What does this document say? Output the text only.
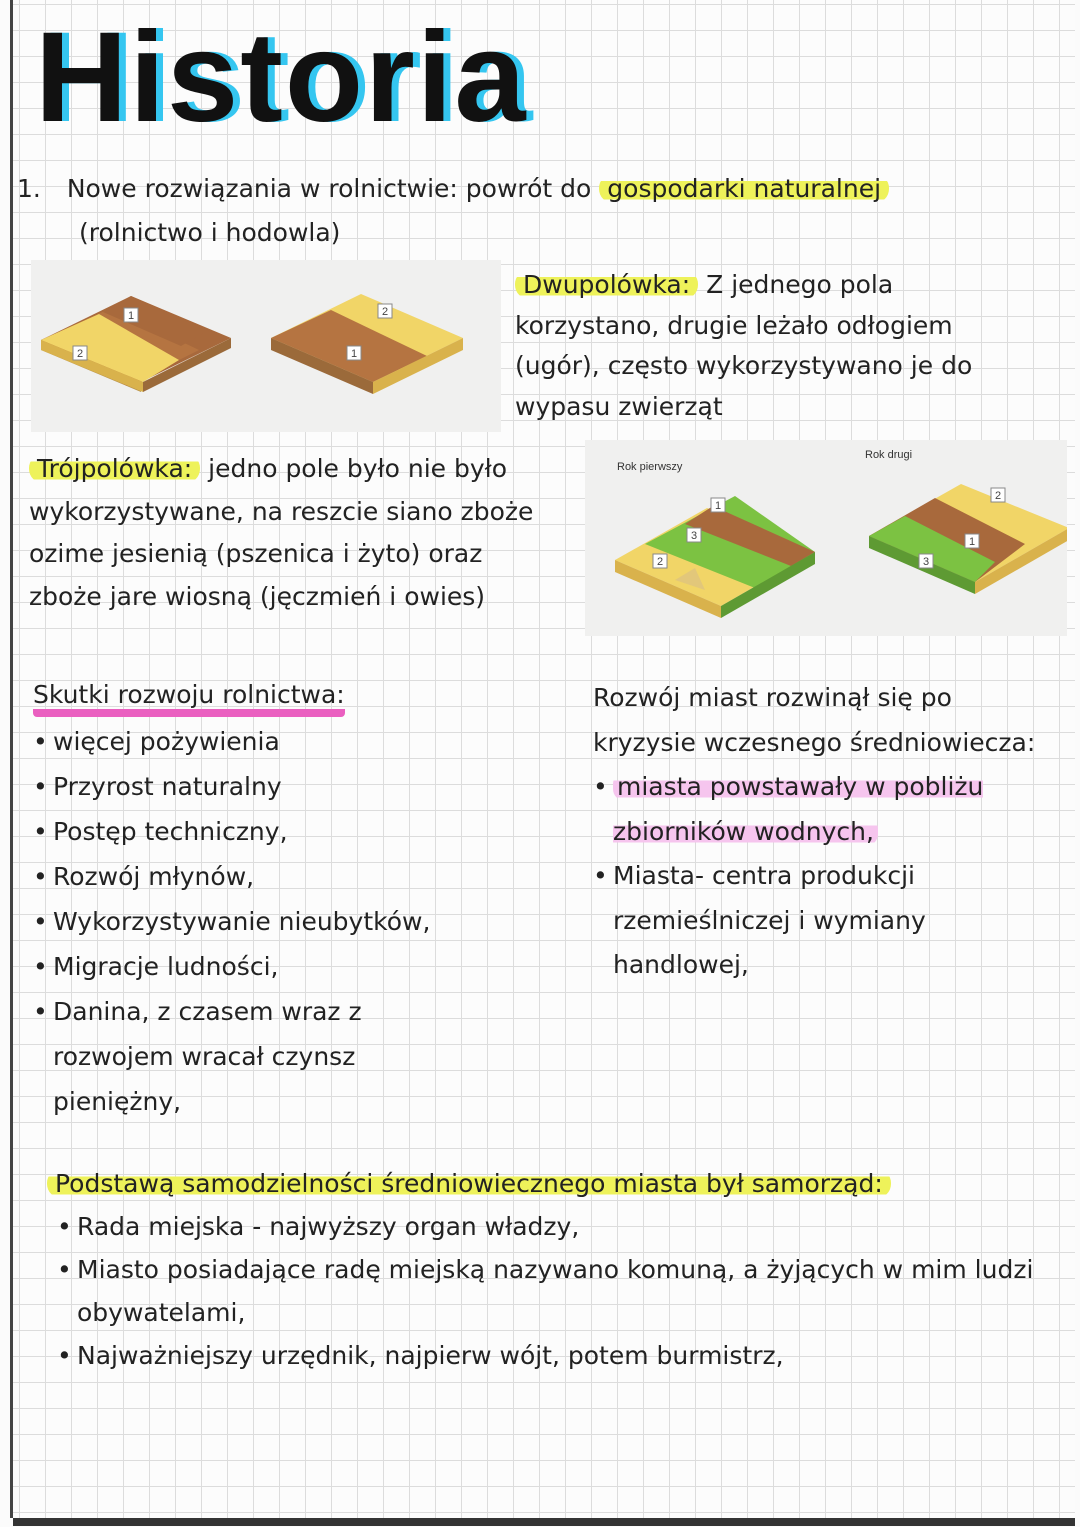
Historia
1. Nowe rozwiązania w rolnictwie: powrót do gospodarki naturalnej
(rolnictwo i hodowla)
1
2
2
1
Dwupolówka: Z jednego pola
korzystano, drugie leżało odłogiem
(ugór), często wykorzystywano je do
wypasu zwierząt
Trójpolówka: jedno pole było nie było
wykorzystywane, na reszcie siano zboże
ozime jesienią (pszenica i żyto) oraz
zboże jare wiosną (jęczmień i owies)
Rok pierwszy
Rok drugi
1
3
2
2
1
3
Skutki rozwoju rolnictwa:
• więcej pożywienia
• Przyrost naturalny
• Postęp techniczny,
• Rozwój młynów,
• Wykorzystywanie nieubytków,
• Migracje ludności,
• Danina, z czasem wraz z rozwojem wracał czynsz pieniężny,
Rozwój miast rozwinął się po
kryzysie wczesnego średniowiecza:
• miasta powstawały w pobliżu zbiorników wodnych,
• Miasta- centra produkcji rzemieślniczej i wymiany handlowej,
Podstawą samodzielności średniowiecznego miasta był samorząd:
• Rada miejska - najwyższy organ władzy,
• Miasto posiadające radę miejską nazywano komuną, a żyjących w mim ludzi obywatelami,
• Najważniejszy urzędnik, najpierw wójt, potem burmistrz,
